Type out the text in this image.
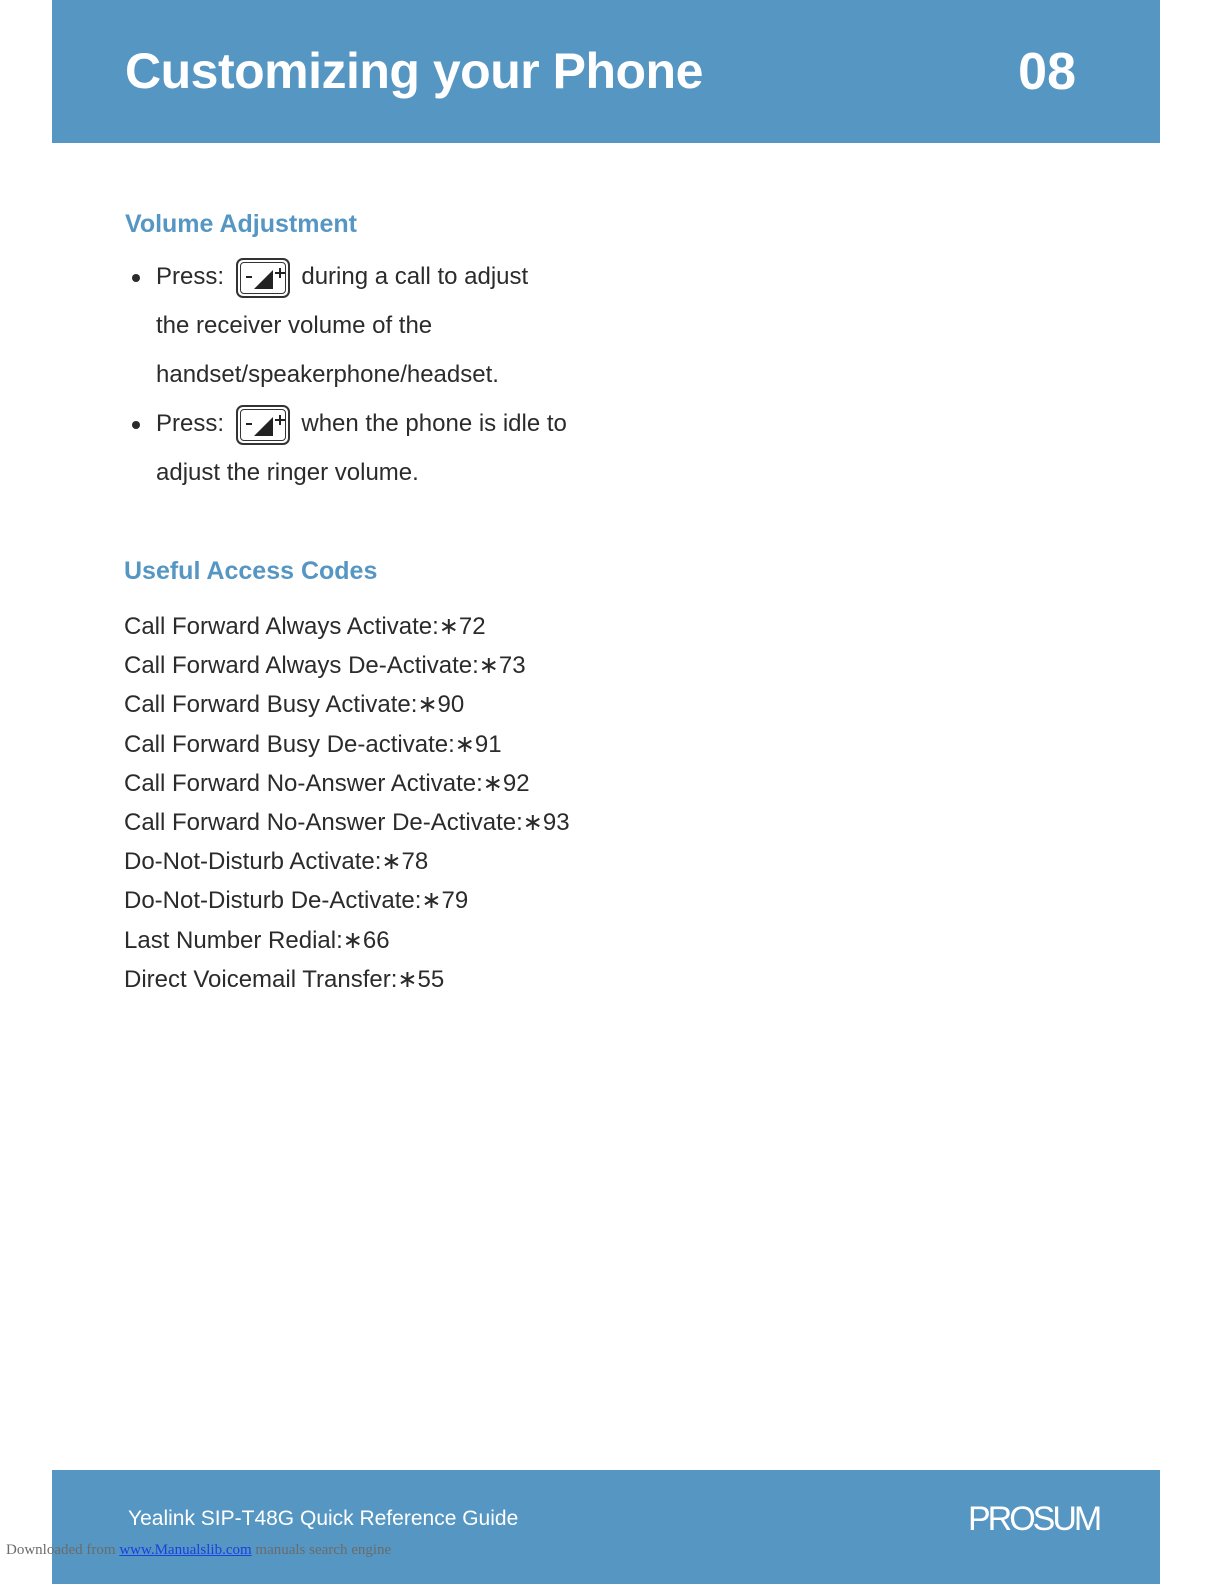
Customizing your Phone	08
Volume Adjustment
Press:	during a call to adjust
the receiver volume of the
handset/speakerphone/headset.
Press:	when the phone is idle to
adjust the ringer volume.
Useful Access Codes
Call Forward Always Activate:∗72
Call Forward Always De-Activate:∗73
Call Forward Busy Activate:∗90
Call Forward Busy De-activate:∗91
Call Forward No-Answer Activate:∗92
Call Forward No-Answer De-Activate:∗93
Do-Not-Disturb Activate:∗78
Do-Not-Disturb De-Activate:∗79
Last Number Redial:∗66
Direct Voicemail Transfer:∗55
Yealink SIP-T48G Quick Reference Guide	PROSUM
Downloaded from www.Manualslib.com manuals search engine
